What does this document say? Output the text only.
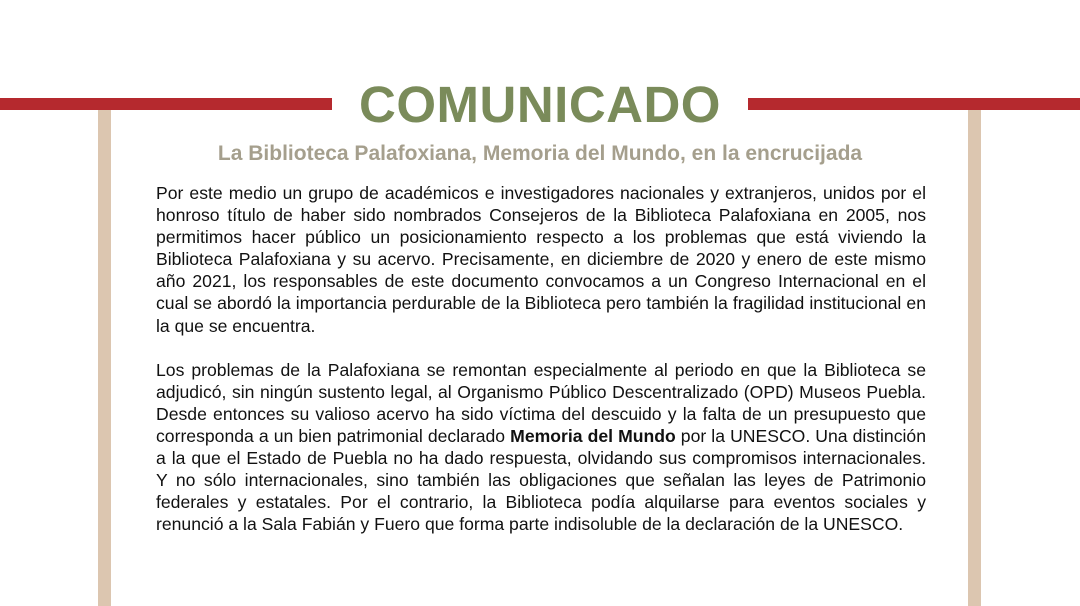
COMUNICADO
La Biblioteca Palafoxiana, Memoria del Mundo, en la encrucijada

Por este medio un grupo de académicos e investigadores nacionales y extranjeros, unidos por el honroso título de haber sido nombrados Consejeros de la Biblioteca Palafoxiana en 2005, nos permitimos hacer público un posicionamiento respecto a los problemas que está viviendo la Biblioteca Palafoxiana y su acervo. Precisamente, en diciembre de 2020 y enero de este mismo año 2021, los responsables de este documento convocamos a un Congreso Internacional en el cual se abordó la importancia perdurable de la Biblioteca pero también la fragilidad institucional en la que se encuentra.

Los problemas de la Palafoxiana se remontan especialmente al periodo en que la Biblioteca se adjudicó, sin ningún sustento legal, al Organismo Público Descentralizado (OPD) Museos Puebla. Desde entonces su valioso acervo ha sido víctima del descuido y la falta de un presupuesto que corresponda a un bien patrimonial declarado Memoria del Mundo por la UNESCO. Una distinción a la que el Estado de Puebla no ha dado respuesta, olvidando sus compromisos internacionales. Y no sólo internacionales, sino también las obligaciones que señalan las leyes de Patrimonio federales y estatales. Por el contrario, la Biblioteca podía alquilarse para eventos sociales y renunció a la Sala Fabián y Fuero que forma parte indisoluble de la declaración de la UNESCO.
